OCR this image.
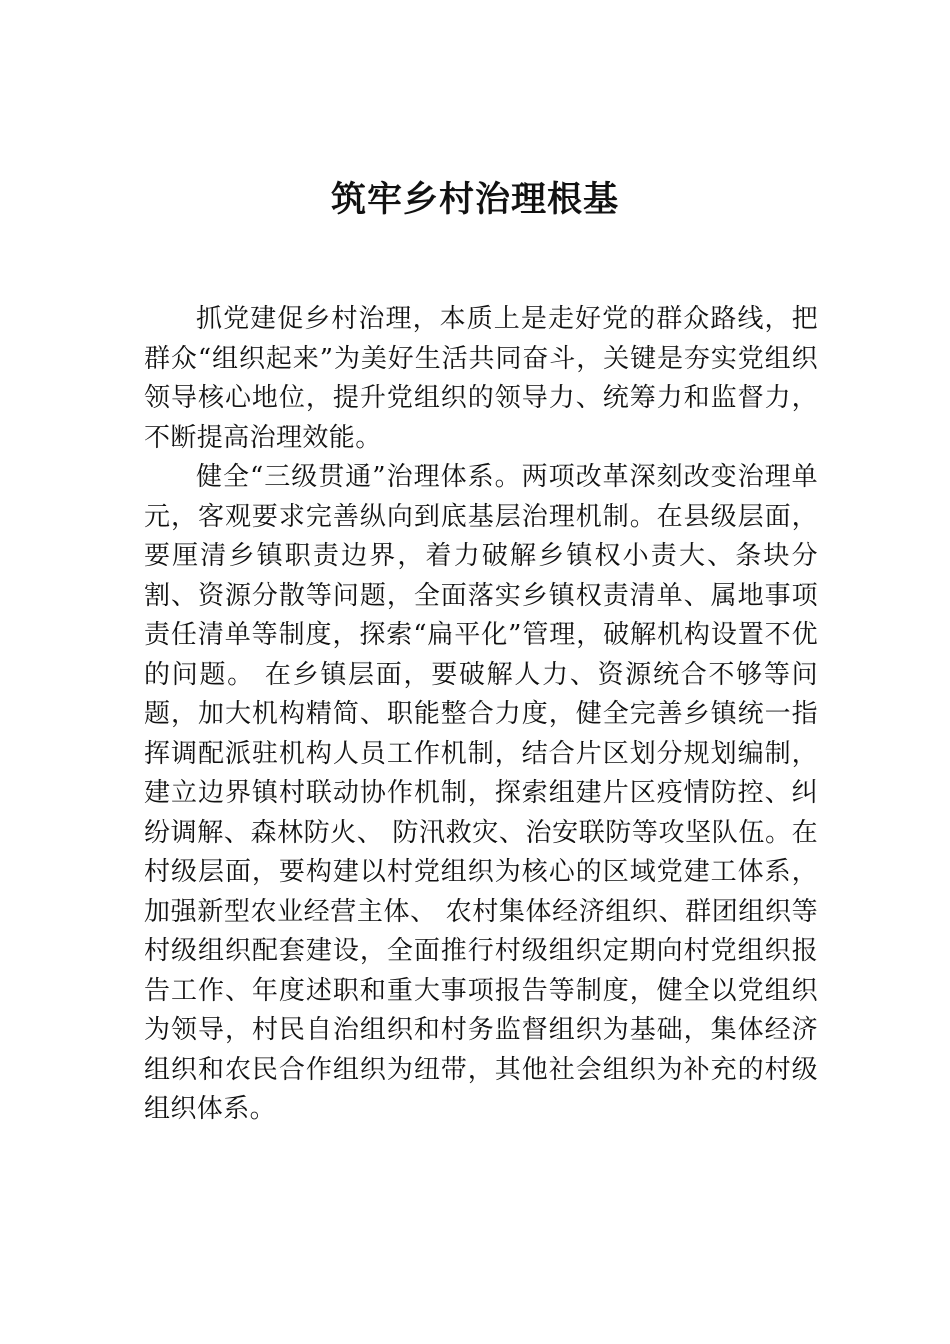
筑牢乡村治理根基

抓党建促乡村治理，本质上是走好党的群众路线，把群众“组织起来”为美好生活共同奋斗，关键是夯实党组织领导核心地位，提升党组织的领导力、统筹力和监督力，不断提高治理效能。

健全“三级贯通”治理体系。两项改革深刻改变治理单元，客观要求完善纵向到底基层治理机制。在县级层面，要厘清乡镇职责边界，着力破解乡镇权小责大、条块分割、资源分散等问题，全面落实乡镇权责清单、属地事项责任清单等制度，探索“扁平化”管理，破解机构设置不优的问题。 在乡镇层面，要破解人力、资源统合不够等问题，加大机构精简、职能整合力度，健全完善乡镇统一指挥调配派驻机构人员工作机制，结合片区划分规划编制，建立边界镇村联动协作机制，探索组建片区疫情防控、纠纷调解、森林防火、 防汛救灾、治安联防等攻坚队伍。在村级层面，要构建以村党组织为核心的区域党建工体系，加强新型农业经营主体、 农村集体经济组织、群团组织等村级组织配套建设，全面推行村级组织定期向村党组织报告工作、年度述职和重大事项报告等制度，健全以党组织为领导，村民自治组织和村务监督组织为基础，集体经济组织和农民合作组织为纽带，其他社会组织为补充的村级组织体系。
